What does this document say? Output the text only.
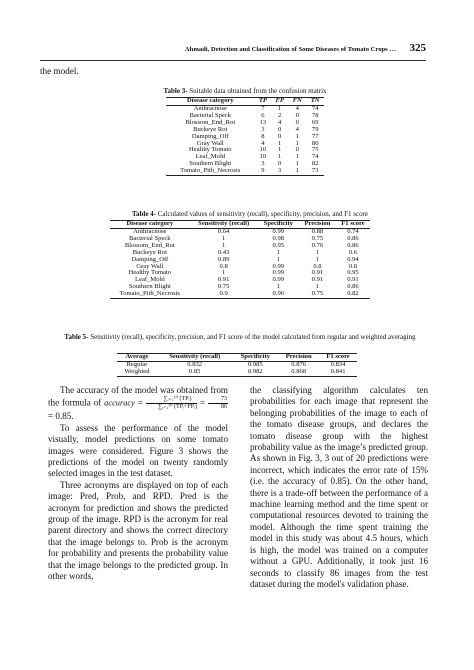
Ahmadi, Detection and Classification of Some Diseases of Tomato Crops … 325
the model.
Table 3- Suitable data obtained from the confusion matrix
Disease category	TP	FP	FN	TN
Anthracnose	7	1	4	74
Bacterial Speck	6	2	0	78
Blossom_End_Rot	13	4	0	69
Buckeye Rot	3	0	4	79
Damping_Off	8	0	1	77
Gray Wall	4	1	1	80
Healthy Tomato	10	1	0	75
Leaf_Mold	10	1	1	74
Southern Blight	3	0	1	82
Tomato_Pith_Necrosis	9	3	1	73
Table 4- Calculated values of sensitivity (recall), specificity, precision, and F1 score
Disease category	Sensitivity (recall)	Specificity	Precision	F1 score
Anthracnose	0.64	0.99	0.88	0.74
Bacterial Speck	1	0.98	0.75	0.86
Blossom_End_Rot	1	0.95	0.76	0.86
Buckeye Rot	0.43	1	1	0.6
Damping_Off	0.89	1	1	0.94
Gray Wall	0.8	0.99	0.8	0.8
Healthy Tomato	1	0.99	0.91	0.95
Leaf_Mold	0.91	0.99	0.91	0.91
Southern Blight	0.75	1	1	0.86
Tomato_Pith_Necrosis	0.9	0.96	0.75	0.82
Table 5- Sensitivity (recall), specificity, precision, and F1 score of the model calculated from regular and weighted averaging
Average	Sensitivity (recall)	Specificity	Precision	F1 score
Regular	0.832	0.985	0.876	0.834
Weighted	0.85	0.982	0.868	0.841

The accuracy of the model was obtained from the formula of accuracy = $\frac{\text{∑ᵢ₌₁¹⁰ (TPᵢ)}}{\text{∑ᵢ₌₁¹⁰ (TPᵢ+FPᵢ)}} = \frac{73}{86}$
= 0.85.

To assess the performance of the model visually, model predictions on some tomato images were considered. Figure 3 shows the predictions of the model on twenty randomly selected images in the test dataset.

Three acronyms are displayed on top of each image: Pred, Prob, and RPD. Pred is the acronym for prediction and shows the predicted group of the image. RPD is the acronym for real parent directory and shows the correct directory that the image belongs to. Prob is the acronym for probability and presents the probability value that the image belongs to the predicted group. In other words,

the classifying algorithm calculates ten probabilities for each image that represent the belonging probabilities of the image to each of the tomato disease groups, and declares the tomato disease group with the highest probability value as the image’s predicted group. As shown in Fig. 3, 3 out of 20 predictions were incorrect, which indicates the error rate of 15% (i.e. the accuracy of 0.85). On the other hand, there is a trade-off between the performance of a machine learning method and the time spent or computational resources devoted to training the model. Although the time spent training the model in this study was about 4.5 hours, which is high, the model was trained on a computer without a GPU. Additionally, it took just 16 seconds to classify 86 images from the test dataset during the model's validation phase.
